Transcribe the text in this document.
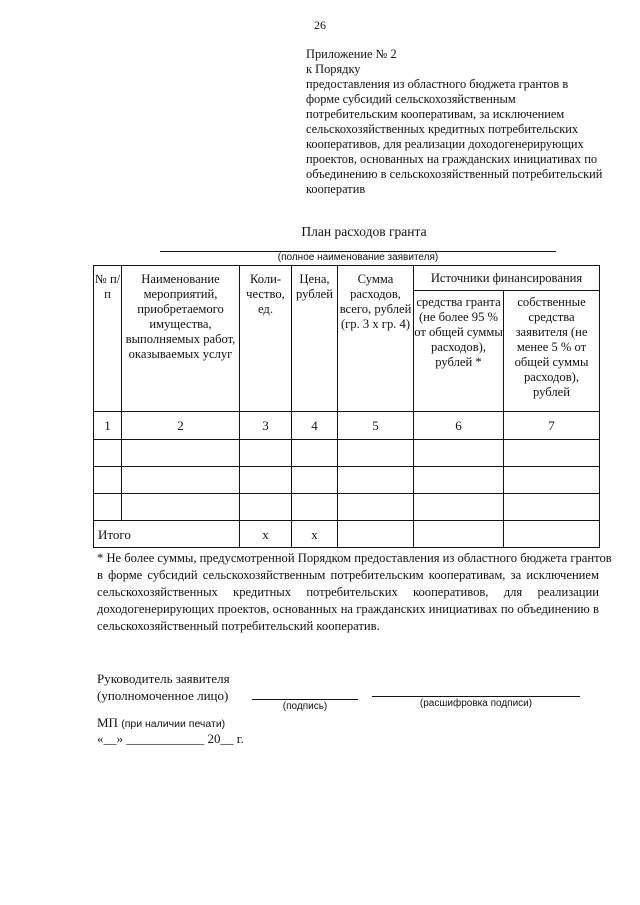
26
Приложение № 2
к Порядку
предоставления из областного бюджета грантов в
форме субсидий сельскохозяйственным
потребительским кооперативам, за исключением
сельскохозяйственных кредитных потребительских
кооперативов, для реализации доходогенерирующих
проектов, основанных на гражданских инициативах по
объединению в сельскохозяйственный потребительский
кооператив
План расходов гранта
(полное наименование заявителя)
№ п/п	Наименование мероприятий, приобретаемого имущества, выполняемых работ, оказываемых услуг	Коли-чество, ед.	Цена, рублей	Сумма расходов, всего, рублей (гр. 3 х гр. 4)	Источники финансирования	
					средства гранта (не более 95 % от общей суммы расходов), рублей *	собственные средства заявителя (не менее 5 % от общей суммы расходов), рублей
1	2	3	4	5	6	7

Итого		х	х			
* Не более суммы, предусмотренной Порядком предоставления из областного бюджета грантов
в форме субсидий сельскохозяйственным потребительским кооперативам, за исключением
сельскохозяйственных кредитных потребительских кооперативов, для реализации
доходогенерирующих проектов, основанных на гражданских инициативах по объединению в
сельскохозяйственный потребительский кооператив.
Руководитель заявителя
(уполномоченное лицо)
(подпись)	(расшифровка подписи)
МП (при наличии печати)
«__» ____________ 20__ г.
